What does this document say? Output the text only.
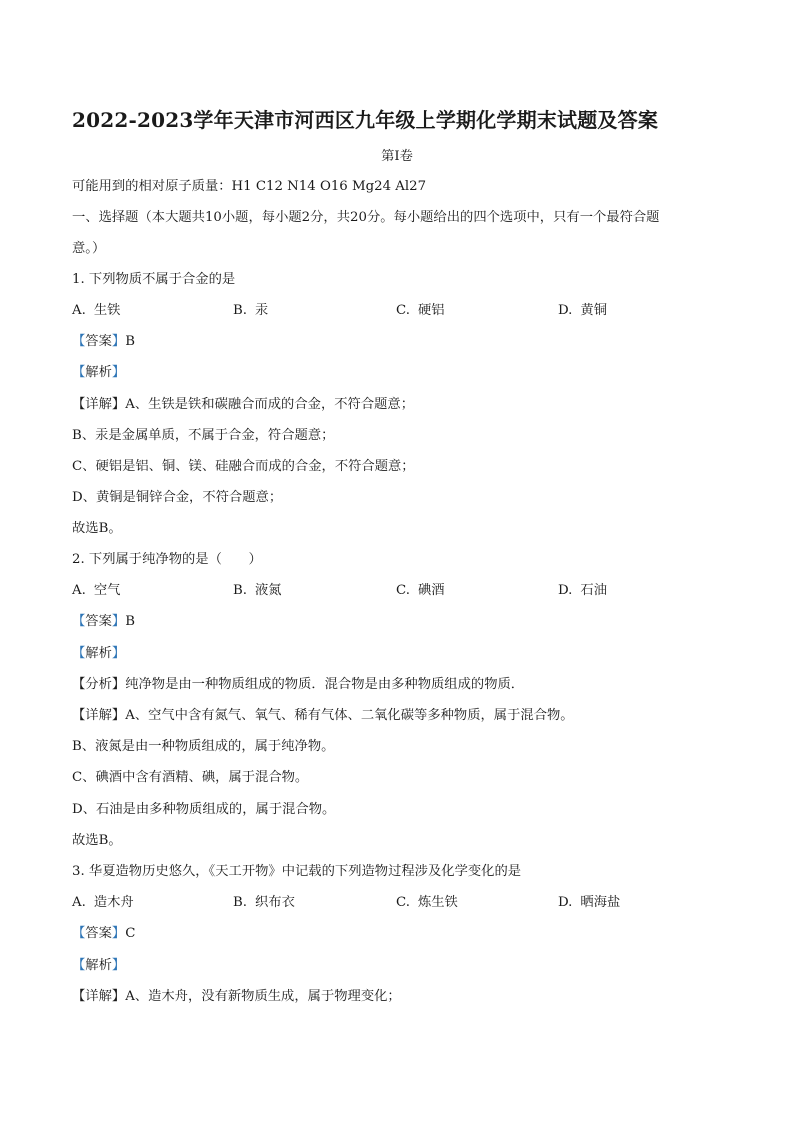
2022-2023学年天津市河西区九年级上学期化学期末试题及答案
第I卷
可能用到的相对原子质量：H1 C12 N14 O16 Mg24 Al27
一、选择题（本大题共10小题，每小题2分，共20分。每小题给出的四个选项中，只有一个最符合题
意。）
1. 下列物质不属于合金的是
A. 生铁	B. 汞	C. 硬铝	D. 黄铜
【答案】B
【解析】
【详解】A、生铁是铁和碳融合而成的合金，不符合题意；
B、汞是金属单质，不属于合金，符合题意；
C、硬铝是铝、铜、镁、硅融合而成的合金，不符合题意；
D、黄铜是铜锌合金，不符合题意；
故选B。
2. 下列属于纯净物的是（　　）
A. 空气	B. 液氮	C. 碘酒	D. 石油
【答案】B
【解析】
【分析】纯净物是由一种物质组成的物质．混合物是由多种物质组成的物质．
【详解】A、空气中含有氮气、氧气、稀有气体、二氧化碳等多种物质，属于混合物。
B、液氮是由一种物质组成的，属于纯净物。
C、碘酒中含有酒精、碘，属于混合物。
D、石油是由多种物质组成的，属于混合物。
故选B。
3. 华夏造物历史悠久，《天工开物》中记载的下列造物过程涉及化学变化的是
A. 造木舟	B. 织布衣	C. 炼生铁	D. 晒海盐
【答案】C
【解析】
【详解】A、造木舟，没有新物质生成，属于物理变化；
